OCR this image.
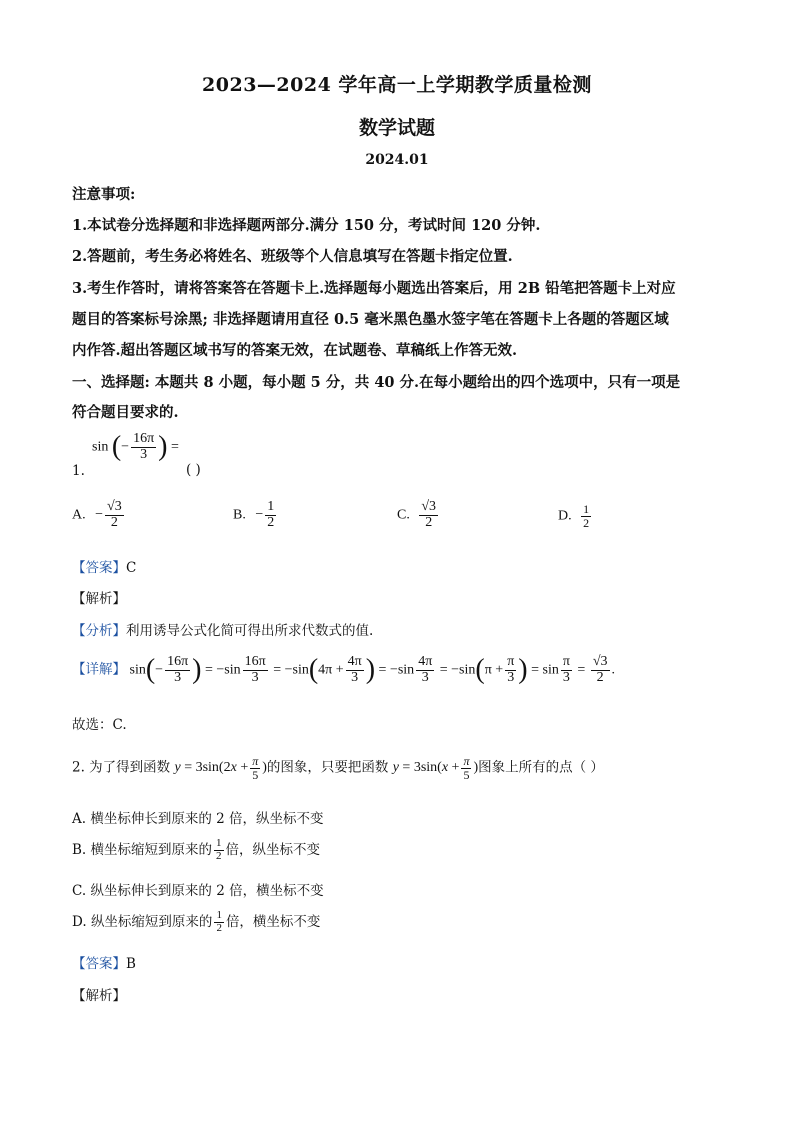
2023—2024 学年高一上学期教学质量检测
数学试题
2024.01
注意事项:
1.本试卷分选择题和非选择题两部分.满分 150 分，考试时间 120 分钟.
2.答题前，考生务必将姓名、班级等个人信息填写在答题卡指定位置.
3.考生作答时，请将答案答在答题卡上.选择题每小题选出答案后，用 2B 铅笔把答题卡上对应
题目的答案标号涂黑; 非选择题请用直径 0.5 毫米黑色墨水签字笔在答题卡上各题的答题区域
内作答.超出答题区域书写的答案无效，在试题卷、草稿纸上作答无效.
一、选择题: 本题共 8 小题，每小题 5 分，共 40 分.在每小题给出的四个选项中，只有一项是
符合题目要求的.
sin (− $\frac{16\pi}{3}$ ) =
1.	( )
A. − $\frac{√3}{2}$	B. − $\frac{1}{2}$	C. $\frac{√3}{2}$	D. $\frac{1}{2}$
【答案】C
【解析】
【分析】利用诱导公式化简可得出所求代数式的值.
【详解】 $\sin(- \frac{16\pi}{3}$ ) = $-\sin \frac{16\pi}{3} = -\sin(4\pi + \frac{4\pi}{3}$ ) = $-\sin \frac{4\pi}{3} = -\sin(\pi + \frac{\pi}{3}$ ) = $\sin \frac{\pi}{3} = \frac{√3}{2}$ .
故选：C.
2. 为了得到函数 $y = 3\sin(2x + \frac{\pi}{5}$ )的图象，只要把函数 $y = 3\sin(x + \frac{\pi}{5}$ )图象上所有的点（ ）
A. 横坐标伸长到原来的 2 倍，纵坐标不变
B. 横坐标缩短到原来的 $\frac{1}{2}$ 倍，纵坐标不变
C. 纵坐标伸长到原来的 2 倍，横坐标不变
D. 纵坐标缩短到原来的 $\frac{1}{2}$ 倍，横坐标不变
【答案】B
【解析】
